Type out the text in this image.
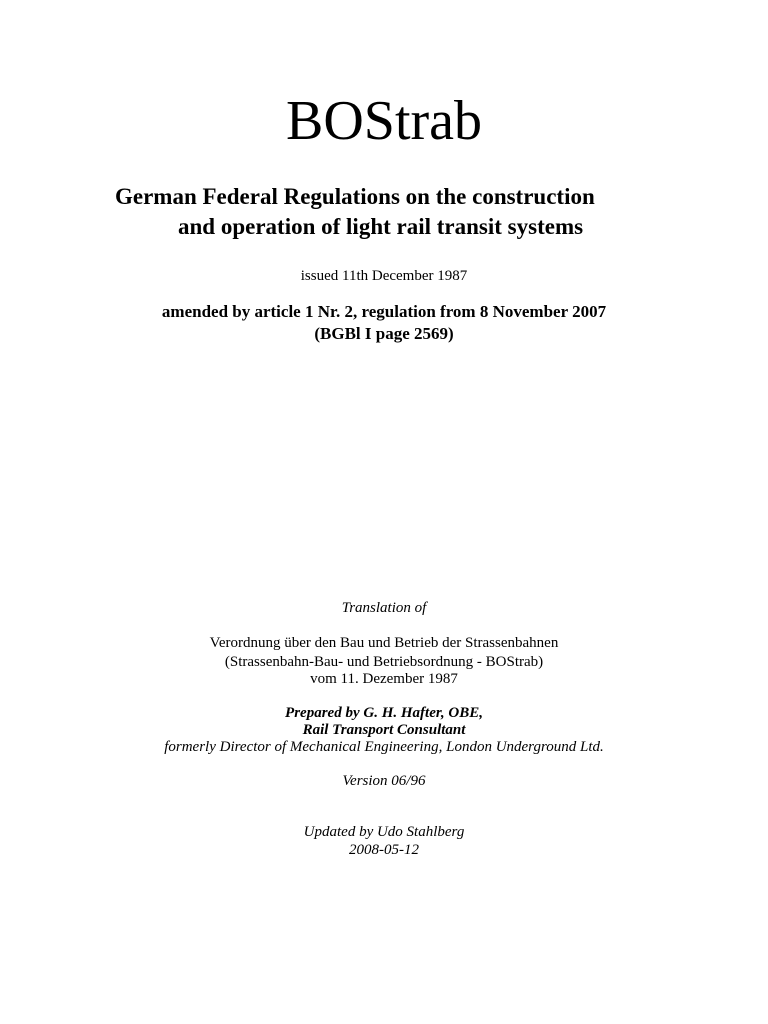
BOStrab
German Federal Regulations on the construction
and operation of light rail transit systems
issued 11th December 1987
amended by article 1 Nr. 2, regulation from 8 November 2007
(BGBl I page 2569)
Translation of
Verordnung über den Bau und Betrieb der Strassenbahnen
(Strassenbahn-Bau- und Betriebsordnung - BOStrab)
vom 11. Dezember 1987
Prepared by G. H. Hafter, OBE,
Rail Transport Consultant
formerly Director of Mechanical Engineering, London Underground Ltd.
Version 06/96
Updated by Udo Stahlberg
2008-05-12
